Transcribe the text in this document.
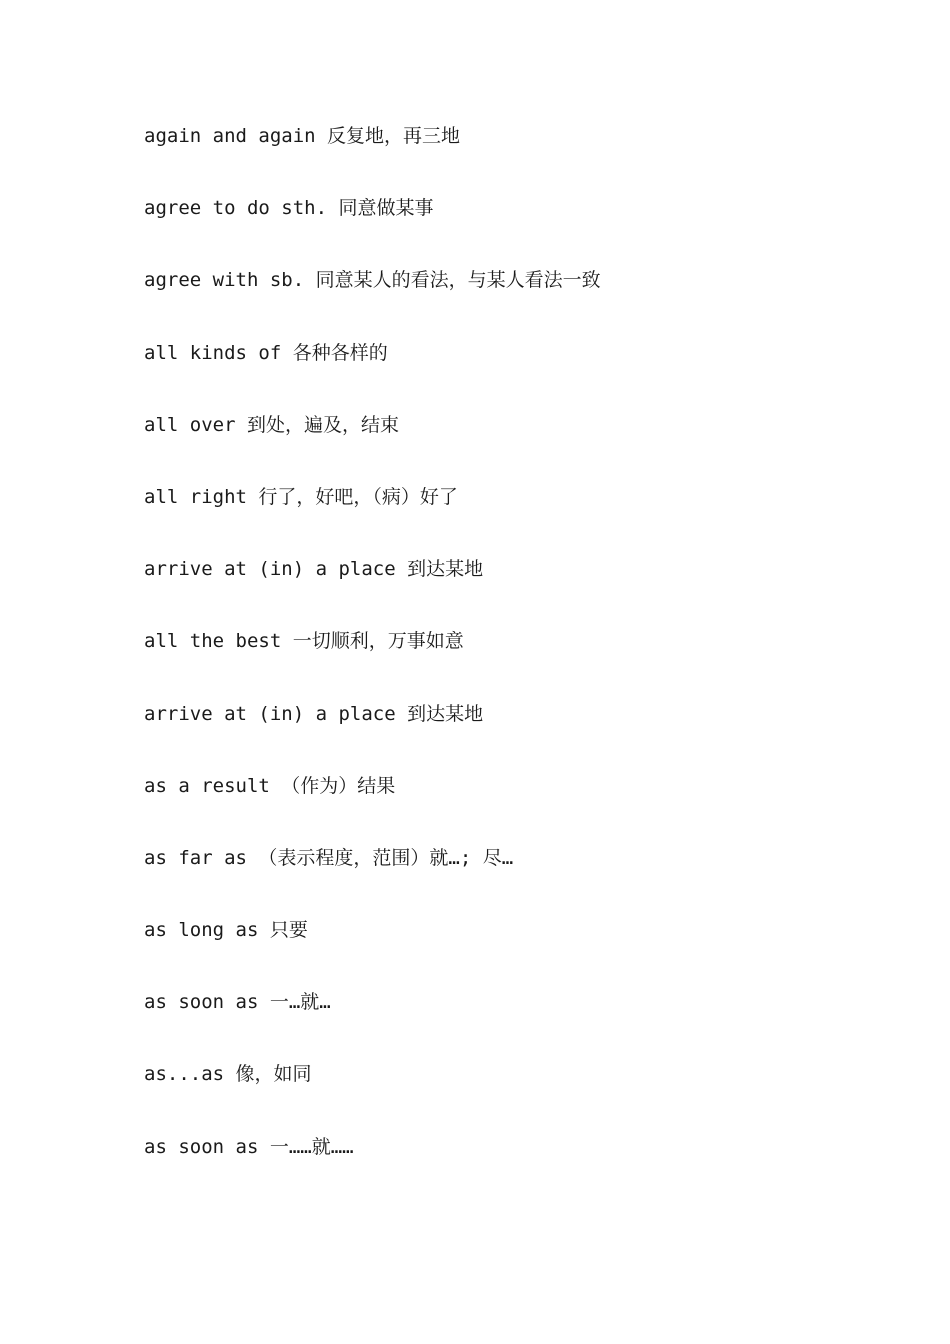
again and again 反复地，再三地
agree to do sth. 同意做某事
agree with sb. 同意某人的看法，与某人看法一致
all kinds of 各种各样的
all over 到处，遍及，结束
all right 行了，好吧，（病）好了
arrive at (in) a place 到达某地
all the best 一切顺利，万事如意
arrive at (in) a place 到达某地
as a result （作为）结果
as far as （表示程度，范围）就…; 尽…
as long as 只要
as soon as 一…就…
as...as 像，如同
as soon as 一……就……
